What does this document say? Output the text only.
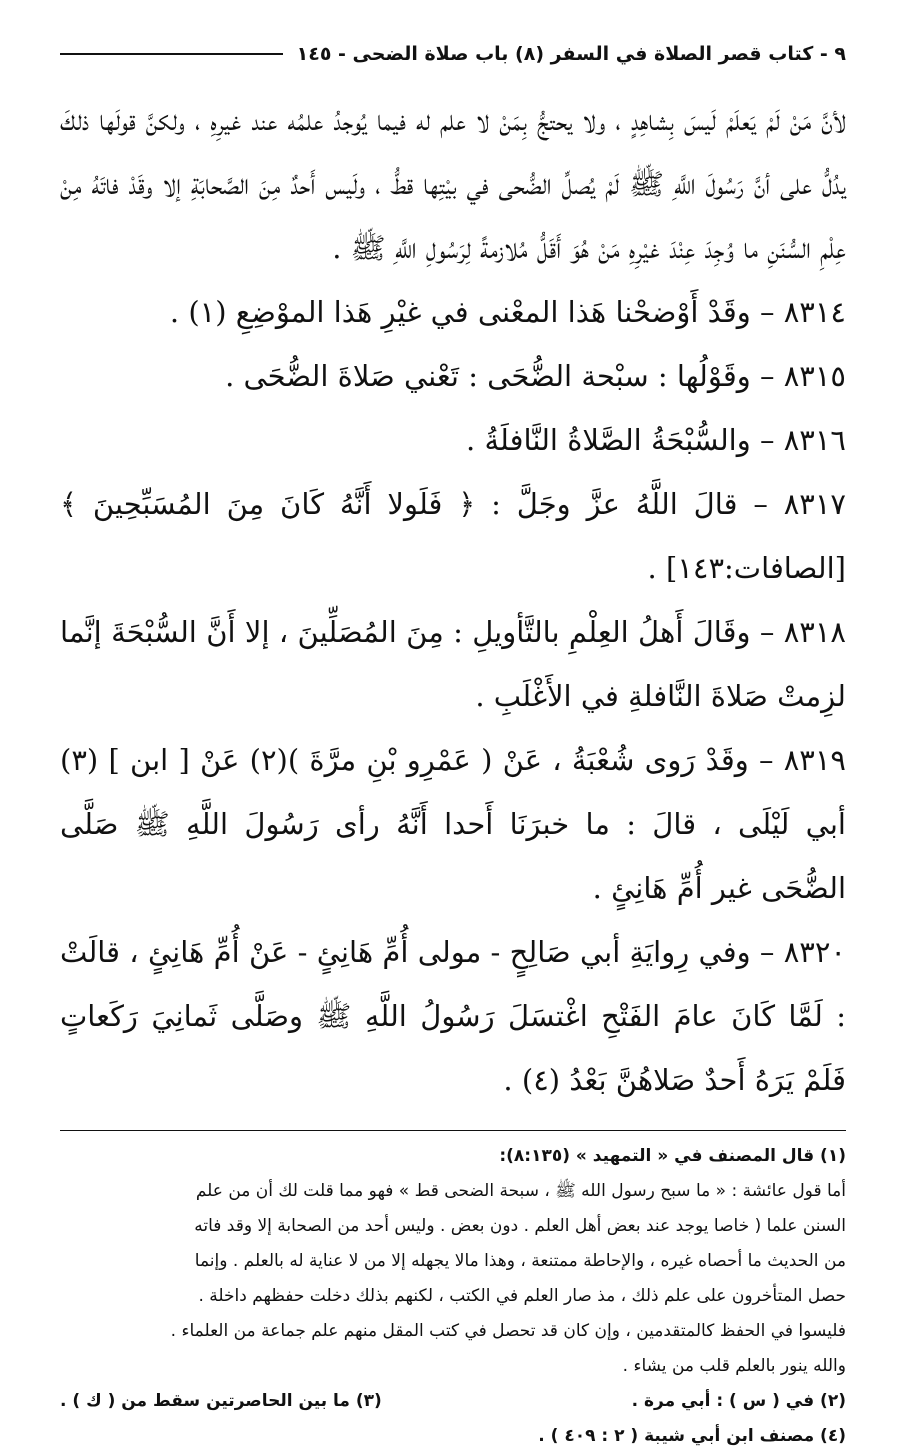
٩ - كتاب قصر الصلاة في السفر (٨) باب صلاة الضحى - ١٤٥

لأنَّ مَنْ لَمْ يَعلَمْ لَيسَ بِشاهِدٍ ، ولا يحتجُّ بِمَنْ لا علم له فيما يُوجدُ علمُه عند غيرِهِ ، ولكنَّ قولَها ذلكَ يدُلُّ على أنَّ رَسُولَ اللَّهِ ﷺ لَمْ يُصلِّ الضُّحى في بيْتِها قطُّ ، ولَيس أَحدٌ مِنَ الصَّحابَةِ إلا وقَدْ فاتَهُ مِنْ عِلْمِ السُّنَنِ ما وُجِدَ عِنْدَ غيْرِهِ مَنْ هُوَ أَقَلُّ مُلازمةً لِرَسُولِ اللَّهِ ﷺ .

٨٣١٤ – وقَدْ أَوْضحْنا هَذا المعْنى في غيْرِ هَذا الموْضِعِ (١) .

٨٣١٥ – وقَوْلُها : سبْحة الضُّحَى : تَعْني صَلاةَ الضُّحَى .

٨٣١٦ – والسُّبْحَةُ الصَّلاةُ النَّافلَةُ .

٨٣١٧ – قالَ اللَّهُ عزَّ وجَلَّ : ﴿ فَلَولا أَنَّهُ كَانَ مِنَ المُسَبِّحِينَ ﴾ [الصافات:١٤٣] .

٨٣١٨ – وقَالَ أَهلُ العِلْمِ بالتَّأويلِ : مِنَ المُصَلِّينَ ، إلا أَنَّ السُّبْحَةَ إنَّما لزِمتْ صَلاةَ النَّافلةِ في الأَغْلَبِ .

٨٣١٩ – وقَدْ رَوى شُعْبَةُ ، عَنْ ( عَمْرِو بْنِ مرَّةَ )(٢) عَنْ [ ابن ] (٣) أبي لَيْلَى ، قالَ : ما خبرَنَا أَحدا أَنَّهُ رأى رَسُولَ اللَّهِ ﷺ صَلَّى الضُّحَى غير أُمِّ هَانِئٍ .

٨٣٢٠ – وفي رِوايَةِ أبي صَالِحٍ - مولى أُمِّ هَانِئٍ - عَنْ أُمِّ هَانِئٍ ، قالَتْ : لَمَّا كَانَ عامَ الفَتْحِ اغْتسَلَ رَسُولُ اللَّهِ ﷺ وصَلَّى ثَمانِيَ رَكَعاتٍ فَلَمْ يَرَهُ أَحدٌ صَلاهُنَّ بَعْدُ (٤) .

(١) قال المصنف في « التمهيد » (٨:١٣٥):

أما قول عائشة : « ما سبح رسول الله ﷺ ، سبحة الضحى قط » فهو مما قلت لك أن من علم

السنن علما ( خاصا يوجد عند بعض أهل العلم . دون بعض . وليس أحد من الصحابة إلا وقد فاته

من الحديث ما أحصاه غيره ، والإحاطة ممتنعة ، وهذا مالا يجهله إلا من لا عناية له بالعلم . وإنما

حصل المتأخرون على علم ذلك ، مذ صار العلم في الكتب ، لكنهم بذلك دخلت حفظهم داخلة .

فليسوا في الحفظ كالمتقدمين ، وإن كان قد تحصل في كتب المقل منهم علم جماعة من العلماء .

والله ينور بالعلم قلب من يشاء .

(٢) في ( س ) : أبي مرة .
(٣) ما بين الحاصرتين سقط من ( ك ) .

(٤) مصنف ابن أبي شيبة ( ٢ : ٤٠٩ ) .
